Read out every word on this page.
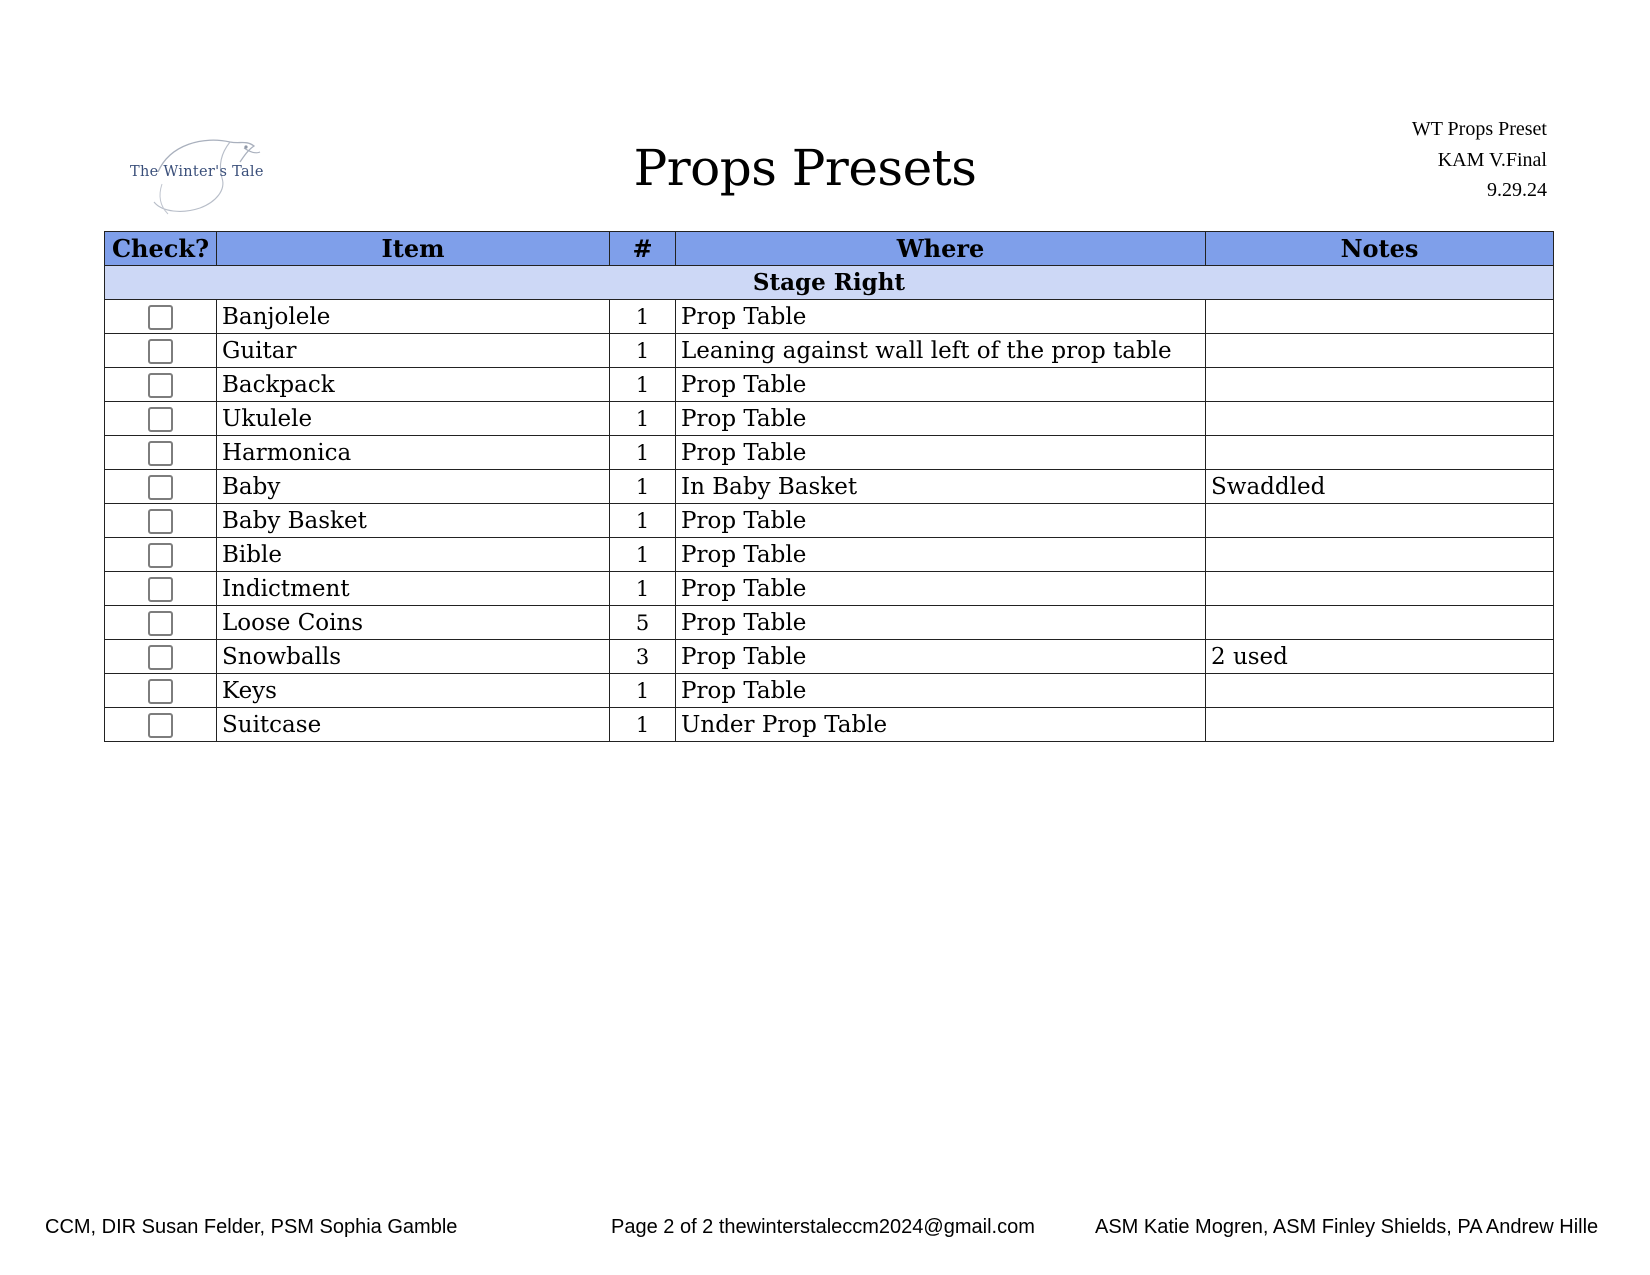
The Winter's Tale	Props Presets
WT Props Preset
KAM V.Final
9.29.24
Check?	Item	#	Where	Notes
Stage Right				
	Banjolele	1	Prop Table	
	Guitar	1	Leaning against wall left of the prop table	
	Backpack	1	Prop Table	
	Ukulele	1	Prop Table	
	Harmonica	1	Prop Table	
	Baby	1	In Baby Basket	Swaddled
	Baby Basket	1	Prop Table	
	Bible	1	Prop Table	
	Indictment	1	Prop Table	
	Loose Coins	5	Prop Table	
	Snowballs	3	Prop Table	2 used
	Keys	1	Prop Table	
	Suitcase	1	Under Prop Table	
CCM, DIR Susan Felder, PSM Sophia Gamble	Page 2 of 2 thewinterstaleccm2024@gmail.com	ASM Katie Mogren, ASM Finley Shields, PA Andrew Hille
